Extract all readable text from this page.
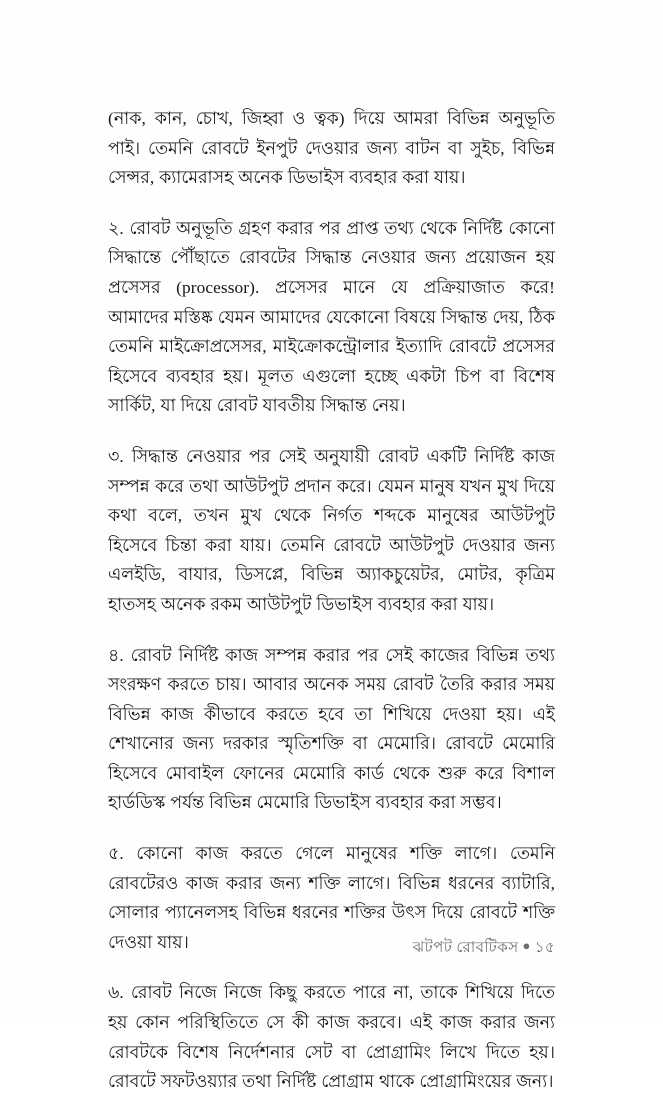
(নাক, কান, চোখ, জিহ্বা ও ত্বক) দিয়ে আমরা বিভিন্ন অনুভূতি পাই। তেমনি রোবটে ইনপুট দেওয়ার জন্য বাটন বা সুইচ, বিভিন্ন সেন্সর, ক্যামেরাসহ অনেক ডিভাইস ব্যবহার করা যায়।

২. রোবট অনুভূতি গ্রহণ করার পর প্রাপ্ত তথ্য থেকে নির্দিষ্ট কোনো সিদ্ধান্তে পৌঁছাতে রোবটের সিদ্ধান্ত নেওয়ার জন্য প্রয়োজন হয় প্রসেসর (processor). প্রসেসর মানে যে প্রক্রিয়াজাত করে! আমাদের মস্তিষ্ক যেমন আমাদের যেকোনো বিষয়ে সিদ্ধান্ত দেয়, ঠিক তেমনি মাইক্রোপ্রসেসর, মাইক্রোকন্ট্রোলার ইত্যাদি রোবটে প্রসেসর হিসেবে ব্যবহার হয়। মূলত এগুলো হচ্ছে একটা চিপ বা বিশেষ সার্কিট, যা দিয়ে রোবট যাবতীয় সিদ্ধান্ত নেয়।

৩. সিদ্ধান্ত নেওয়ার পর সেই অনুযায়ী রোবট একটি নির্দিষ্ট কাজ সম্পন্ন করে তথা আউটপুট প্রদান করে। যেমন মানুষ যখন মুখ দিয়ে কথা বলে, তখন মুখ থেকে নির্গত শব্দকে মানুষের আউটপুট হিসেবে চিন্তা করা যায়। তেমনি রোবটে আউটপুট দেওয়ার জন্য এলইডি, বাযার, ডিসপ্লে, বিভিন্ন অ্যাকচুয়েটর, মোটর, কৃত্রিম হাতসহ অনেক রকম আউটপুট ডিভাইস ব্যবহার করা যায়।

৪. রোবট নির্দিষ্ট কাজ সম্পন্ন করার পর সেই কাজের বিভিন্ন তথ্য সংরক্ষণ করতে চায়। আবার অনেক সময় রোবট তৈরি করার সময় বিভিন্ন কাজ কীভাবে করতে হবে তা শিখিয়ে দেওয়া হয়। এই শেখানোর জন্য দরকার স্মৃতিশক্তি বা মেমোরি। রোবটে মেমোরি হিসেবে মোবাইল ফোনের মেমোরি কার্ড থেকে শুরু করে বিশাল হার্ডডিস্ক পর্যন্ত বিভিন্ন মেমোরি ডিভাইস ব্যবহার করা সম্ভব।

৫. কোনো কাজ করতে গেলে মানুষের শক্তি লাগে। তেমনি রোবটেরও কাজ করার জন্য শক্তি লাগে। বিভিন্ন ধরনের ব্যাটারি, সোলার প্যানেলসহ বিভিন্ন ধরনের শক্তির উৎস দিয়ে রোবটে শক্তি দেওয়া যায়।

৬. রোবট নিজে নিজে কিছু করতে পারে না, তাকে শিখিয়ে দিতে হয় কোন পরিস্থিতিতে সে কী কাজ করবে। এই কাজ করার জন্য রোবটকে বিশেষ নির্দেশনার সেট বা প্রোগ্রামিং লিখে দিতে হয়। রোবটে সফটওয়্যার তথা নির্দিষ্ট প্রোগ্রাম থাকে প্রোগ্রামিংয়ের জন্য।

ঝটপট রোবটিকস ● ১৫
